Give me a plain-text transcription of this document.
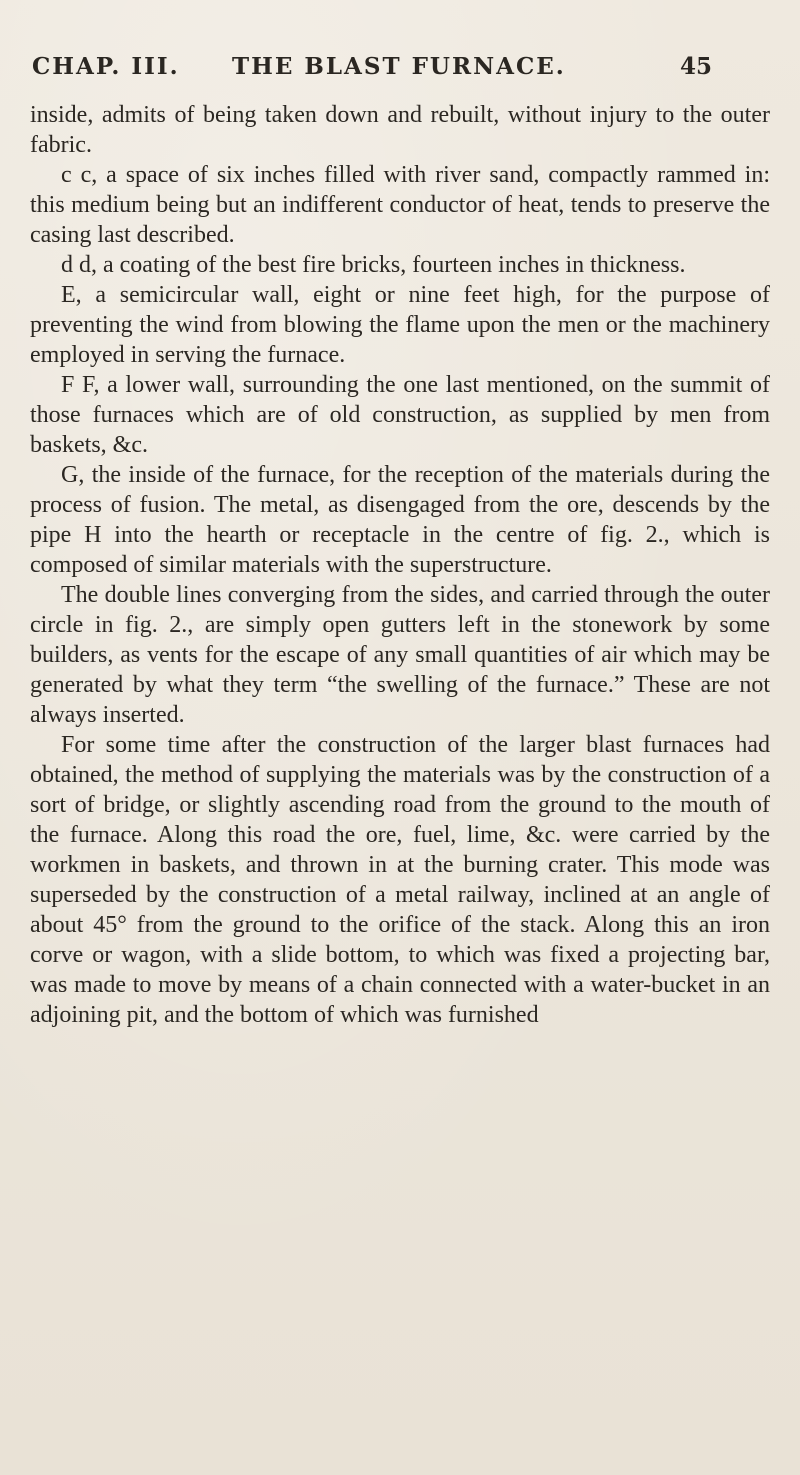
CHAP. III. THE BLAST FURNACE.	45

inside, admits of being taken down and rebuilt, without injury to the outer fabric.

c c, a space of six inches filled with river sand, compactly rammed in: this medium being but an indifferent conductor of heat, tends to preserve the casing last described.

d d, a coating of the best fire bricks, fourteen inches in thickness.

E, a semicircular wall, eight or nine feet high, for the purpose of preventing the wind from blowing the flame upon the men or the machinery employed in serving the furnace.

F F, a lower wall, surrounding the one last mentioned, on the summit of those furnaces which are of old construction, as supplied by men from baskets, &c.

G, the inside of the furnace, for the reception of the materials during the process of fusion. The metal, as disengaged from the ore, descends by the pipe H into the hearth or receptacle in the centre of fig. 2., which is composed of similar materials with the superstructure.

The double lines converging from the sides, and carried through the outer circle in fig. 2., are simply open gutters left in the stonework by some builders, as vents for the escape of any small quantities of air which may be generated by what they term “the swelling of the furnace.” These are not always inserted.

For some time after the construction of the larger blast furnaces had obtained, the method of supplying the materials was by the construction of a sort of bridge, or slightly ascending road from the ground to the mouth of the furnace. Along this road the ore, fuel, lime, &c. were carried by the workmen in baskets, and thrown in at the burning crater. This mode was superseded by the construction of a metal railway, inclined at an angle of about 45° from the ground to the orifice of the stack. Along this an iron corve or wagon, with a slide bottom, to which was fixed a projecting bar, was made to move by means of a chain connected with a water-bucket in an adjoining pit, and the bottom of which was furnished
